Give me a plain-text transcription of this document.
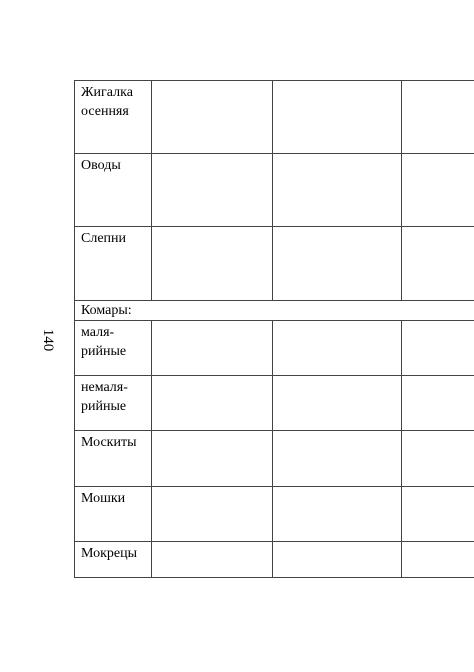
140
Жигалка
осенняя
Оводы
Слепни
Комары:
маля-
рийные
немаля-
рийные
Москиты
Мошки
Мокрецы
